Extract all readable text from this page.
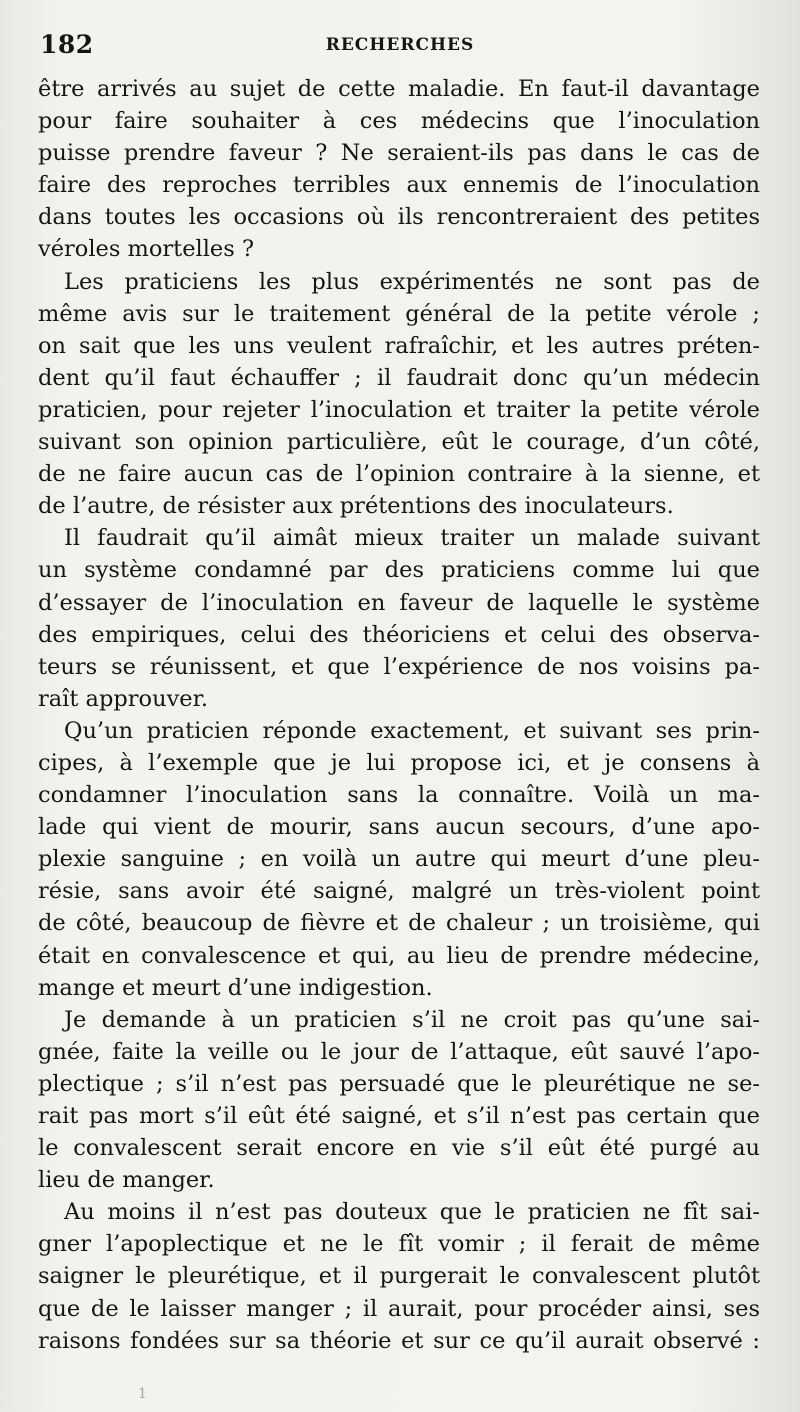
182	RECHERCHES
être arrivés au sujet de cette maladie. En faut-il davantage
pour faire souhaiter à ces médecins que l’inoculation
puisse prendre faveur ? Ne seraient-ils pas dans le cas de
faire des reproches terribles aux ennemis de l’inoculation
dans toutes les occasions où ils rencontreraient des petites
véroles mortelles ?
Les praticiens les plus expérimentés ne sont pas de
même avis sur le traitement général de la petite vérole ;
on sait que les uns veulent rafraîchir, et les autres préten-
dent qu’il faut échauffer ; il faudrait donc qu’un médecin
praticien, pour rejeter l’inoculation et traiter la petite vérole
suivant son opinion particulière, eût le courage, d’un côté,
de ne faire aucun cas de l’opinion contraire à la sienne, et
de l’autre, de résister aux prétentions des inoculateurs.
Il faudrait qu’il aimât mieux traiter un malade suivant
un système condamné par des praticiens comme lui que
d’essayer de l’inoculation en faveur de laquelle le système
des empiriques, celui des théoriciens et celui des observa-
teurs se réunissent, et que l’expérience de nos voisins pa-
raît approuver.
Qu’un praticien réponde exactement, et suivant ses prin-
cipes, à l’exemple que je lui propose ici, et je consens à
condamner l’inoculation sans la connaître. Voilà un ma-
lade qui vient de mourir, sans aucun secours, d’une apo-
plexie sanguine ; en voilà un autre qui meurt d’une pleu-
résie, sans avoir été saigné, malgré un très-violent point
de côté, beaucoup de fièvre et de chaleur ; un troisième, qui
était en convalescence et qui, au lieu de prendre médecine,
mange et meurt d’une indigestion.
Je demande à un praticien s’il ne croit pas qu’une sai-
gnée, faite la veille ou le jour de l’attaque, eût sauvé l’apo-
plectique ; s’il n’est pas persuadé que le pleurétique ne se-
rait pas mort s’il eût été saigné, et s’il n’est pas certain que
le convalescent serait encore en vie s’il eût été purgé au
lieu de manger.
Au moins il n’est pas douteux que le praticien ne fît sai-
gner l’apoplectique et ne le fît vomir ; il ferait de même
saigner le pleurétique, et il purgerait le convalescent plutôt
que de le laisser manger ; il aurait, pour procéder ainsi, ses
raisons fondées sur sa théorie et sur ce qu’il aurait observé :
1
